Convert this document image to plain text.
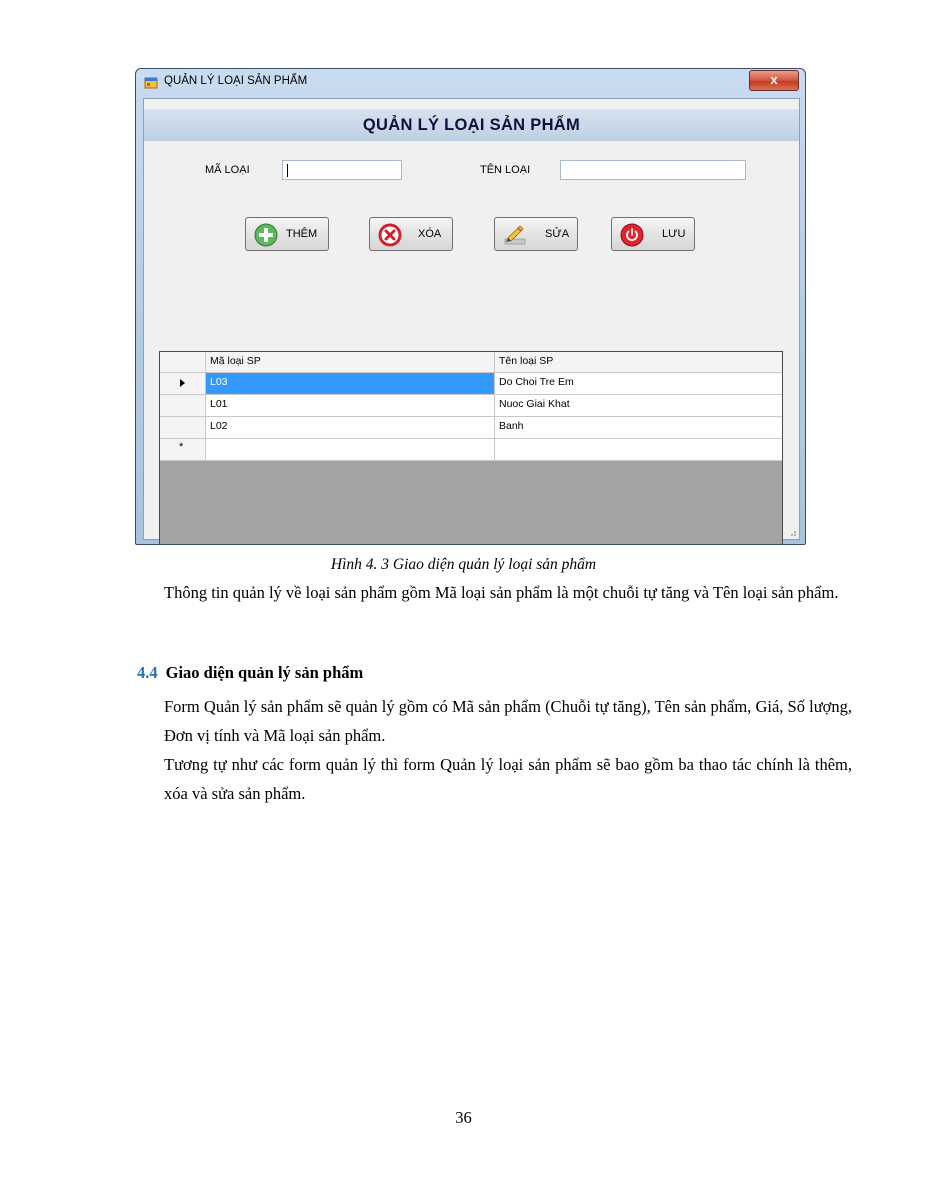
QUẢN LÝ LOẠI SẢN PHẨM	x
QUẢN LÝ LOẠI SẢN PHẨM
MÃ LOẠI	TÊN LOẠI
THÊM	XÓA	SỬA	LƯU
Mã loại SP	Tên loại SP
L03	Do Choi Tre Em
L01	Nuoc Giai Khat
L02	Banh
*
Hình 4. 3 Giao diện quản lý loại sản phẩm

Thông tin quản lý về loại sản phẩm gồm Mã loại sản phẩm là một chuỗi tự tăng và Tên loại sản phẩm.

4.4 Giao diện quản lý sản phẩm

Form Quản lý sản phẩm sẽ quản lý gồm có Mã sản phẩm (Chuỗi tự tăng), Tên sản phẩm, Giá, Số lượng, Đơn vị tính và Mã loại sản phẩm.

Tương tự như các form quản lý thì form Quản lý loại sản phẩm sẽ bao gồm ba thao tác chính là thêm, xóa và sửa sản phẩm.

36
